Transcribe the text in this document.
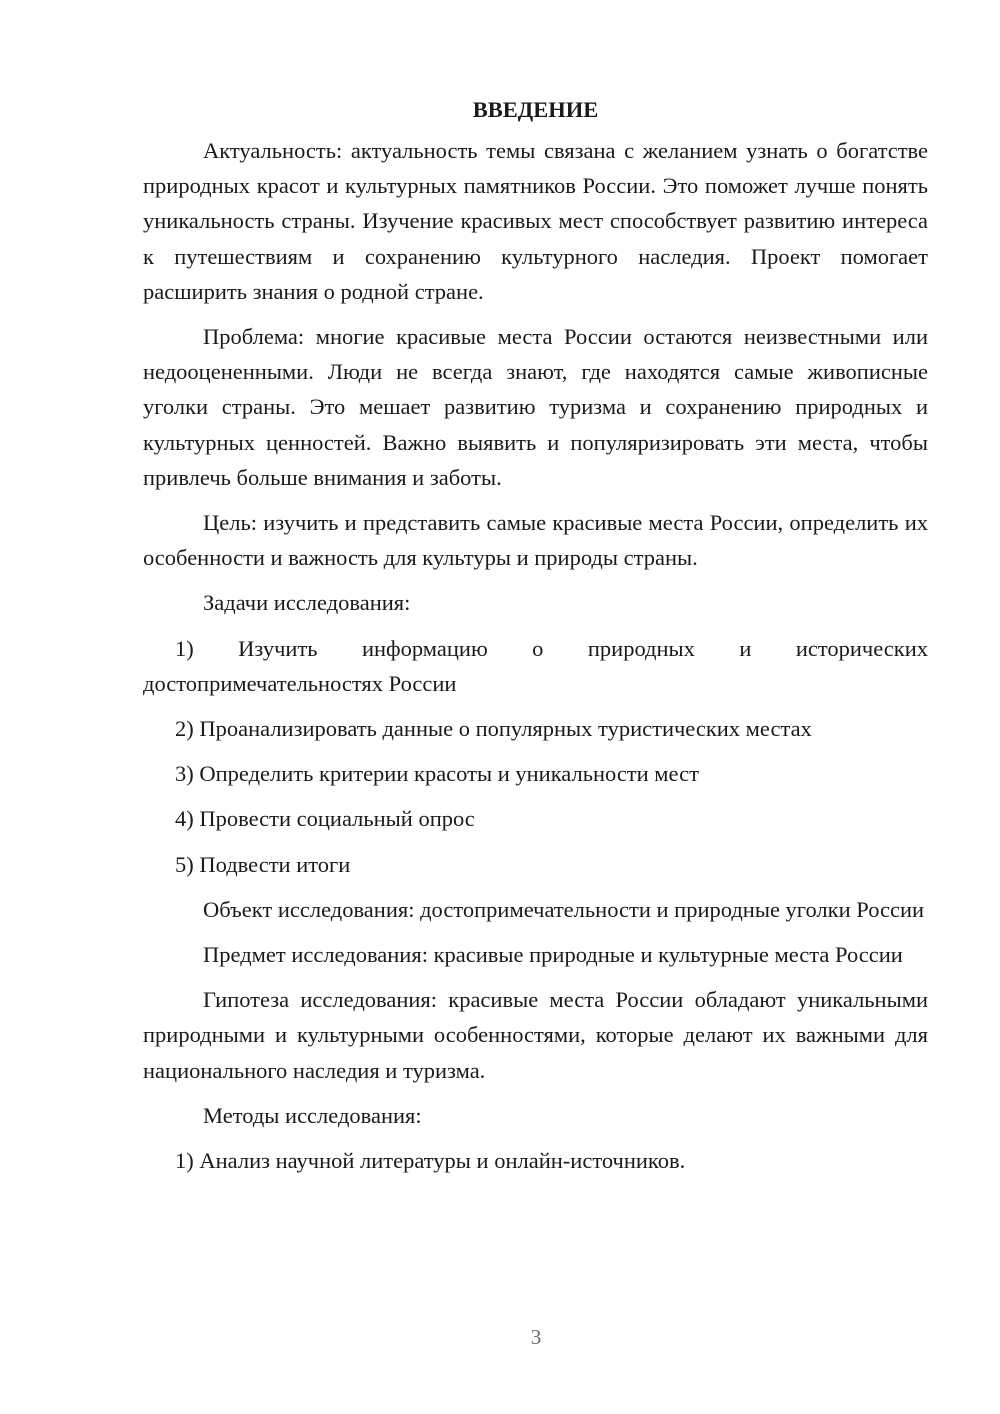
ВВЕДЕНИЕ

Актуальность: актуальность темы связана с желанием узнать о богатстве природных красот и культурных памятников России. Это поможет лучше понять уникальность страны. Изучение красивых мест способствует развитию интереса к путешествиям и сохранению культурного наследия. Проект помогает расширить знания о родной стране.

Проблема: многие красивые места России остаются неизвестными или недооцененными. Люди не всегда знают, где находятся самые живописные уголки страны. Это мешает развитию туризма и сохранению природных и культурных ценностей. Важно выявить и популяризировать эти места, чтобы привлечь больше внимания и заботы.

Цель: изучить и представить самые красивые места России, определить их особенности и важность для культуры и природы страны.

Задачи исследования:

1) Изучить информацию о природных и исторических достопримечательностях России

2) Проанализировать данные о популярных туристических местах

3) Определить критерии красоты и уникальности мест

4) Провести социальный опрос

5) Подвести итоги

Объект исследования: достопримечательности и природные уголки России

Предмет исследования: красивые природные и культурные места России

Гипотеза исследования: красивые места России обладают уникальными природными и культурными особенностями, которые делают их важными для национального наследия и туризма.

Методы исследования:

1) Анализ научной литературы и онлайн-источников.

3
